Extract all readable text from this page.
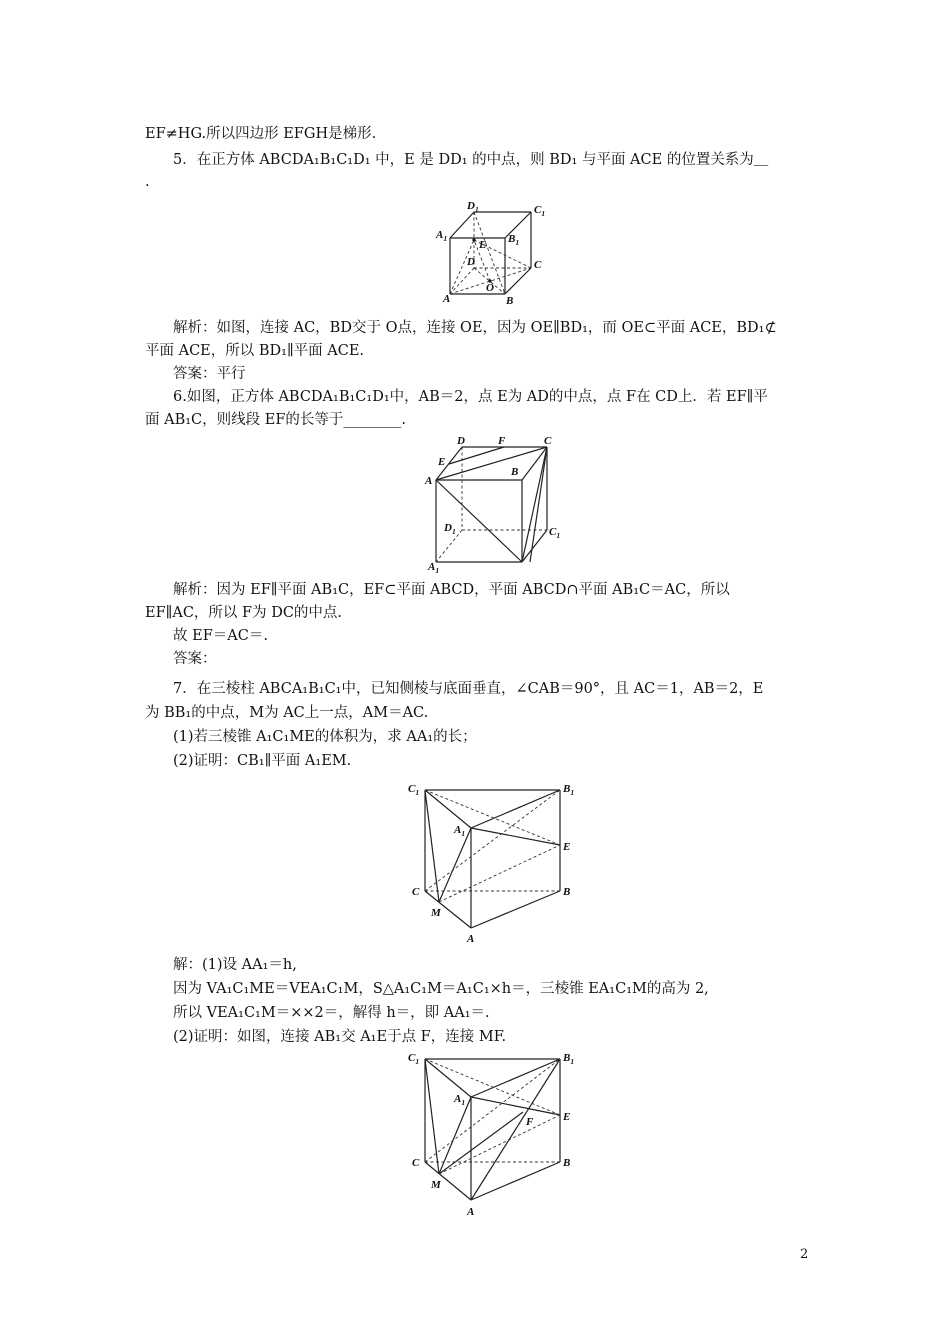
EF≠HG.所以四边形 EFGH是梯形.
5．在正方体 ABCDA₁B₁C₁D₁ 中，E 是 DD₁ 的中点，则 BD₁ 与平面 ACE 的位置关系为＿
.
解析：如图，连接 AC，BD交于 O点，连接 OE，因为 OE∥BD₁，而 OE⊂平面 ACE，BD₁⊄
平面 ACE，所以 BD₁∥平面 ACE.
答案：平行
6.如图，正方体 ABCDA₁B₁C₁D₁中，AB＝2，点 E为 AD的中点，点 F在 CD上．若 EF∥平
面 AB₁C，则线段 EF的长等于________.
解析：因为 EF∥平面 AB₁C，EF⊂平面 ABCD，平面 ABCD∩平面 AB₁C＝AC，所以
EF∥AC，所以 F为 DC的中点.
故 EF＝AC＝.
答案：
7．在三棱柱 ABCA₁B₁C₁中，已知侧棱与底面垂直，∠CAB＝90°，且 AC＝1，AB＝2，E
为 BB₁的中点，M为 AC上一点，AM＝AC.
(1)若三棱锥 A₁C₁ME的体积为，求 AA₁的长；
(2)证明：CB₁∥平面 A₁EM.
解：(1)设 AA₁＝h,
因为 VA₁C₁ME＝VEA₁C₁M，S△A₁C₁M＝A₁C₁×h＝，三棱锥 EA₁C₁M的高为 2,
所以 VEA₁C₁M＝××2＝，解得 h＝，即 AA₁＝.
(2)证明：如图，连接 AB₁交 A₁E于点 F，连接 MF.
$D_1$	$C_1$
$A_1$	$B_1$
E
D	C
O
A	B
D	F	C
E
B
A
$D_1$	$C_1$
$A_1$
$C_1$	$B_1$
$A_1$
E
C	B
M
A
$C_1$	$B_1$
$A_1$
E
F
C	B
M
A
2
